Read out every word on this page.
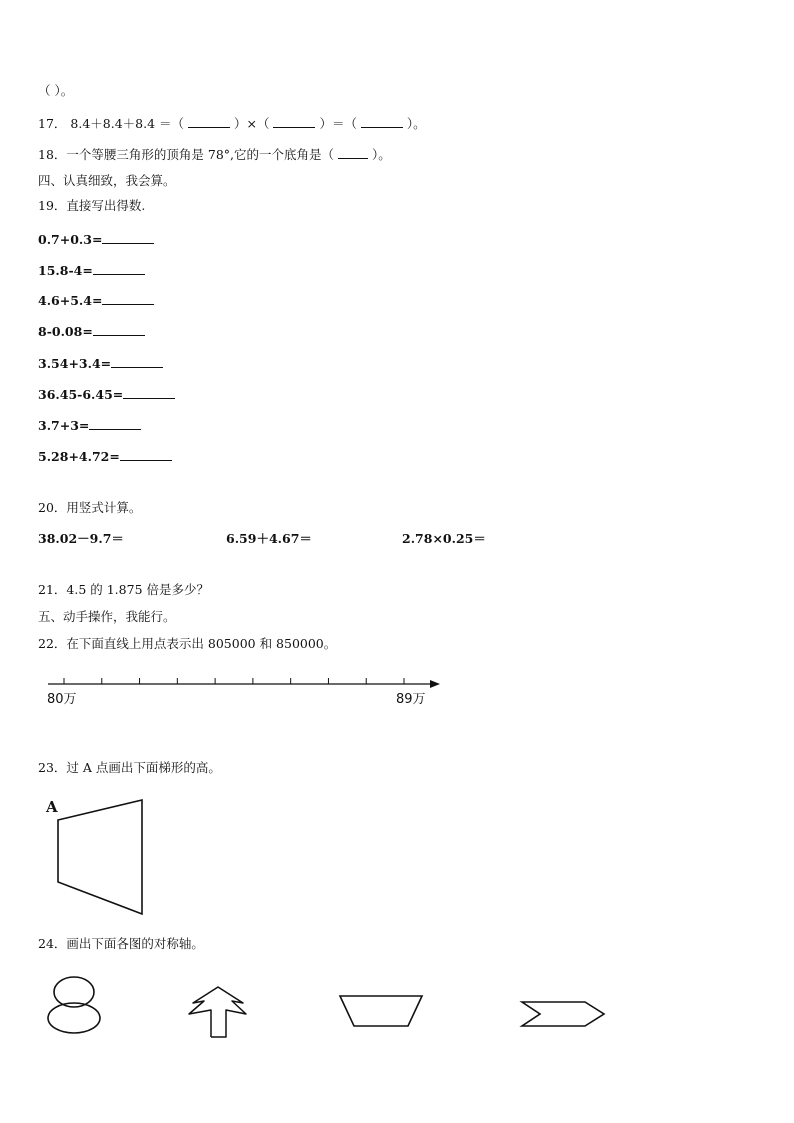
（ ）。
17． 8.4＋8.4＋8.4 ＝（	）×（	）＝（	）。
18．一个等腰三角形的顶角是 78°,它的一个底角是（	）。
四、认真细致，我会算。
19．直接写出得数.
0.7+0.3=
15.8-4=
4.6+5.4=
8-0.08=
3.54+3.4=
36.45-6.45=
3.7+3=
5.28+4.72=
20．用竖式计算。
38.02－9.7＝	6.59＋4.67＝	2.78×0.25＝
21．4.5 的 1.875 倍是多少？
五、动手操作，我能行。
22．在下面直线上用点表示出 805000 和 850000。
80万	89万
23．过 A 点画出下面梯形的高。
A
24．画出下面各图的对称轴。
